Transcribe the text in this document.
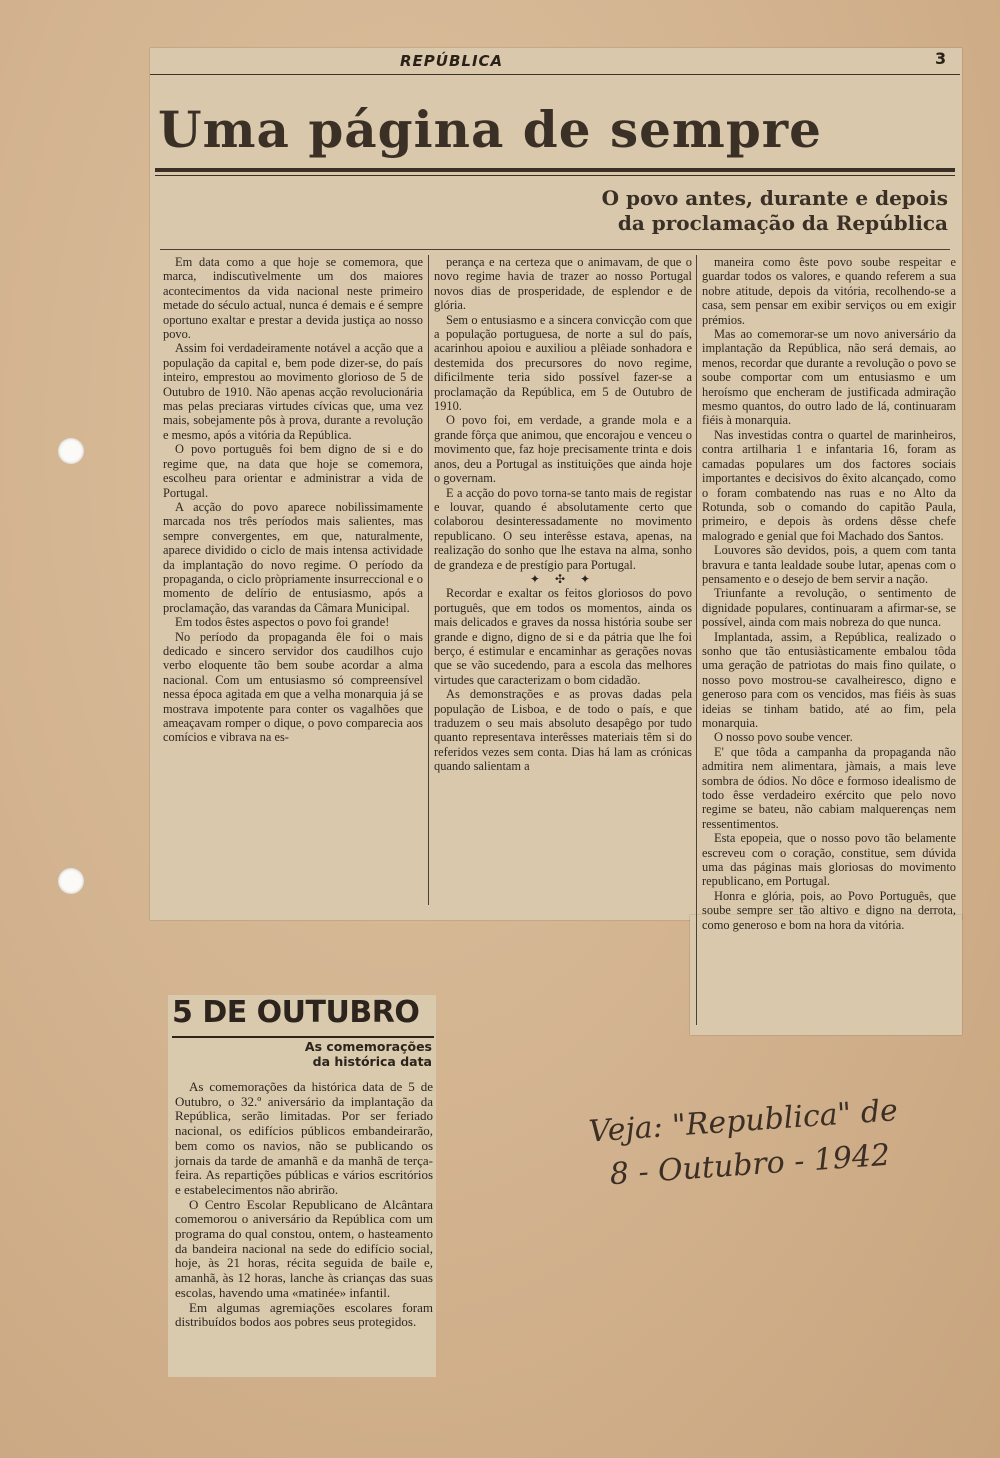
REPÚBLICA	3
Uma página de sempre
O povo antes, durante e depois
da proclamação da República

Em data como a que hoje se comemora, que marca, indiscutìvelmente um dos maiores acontecimentos da vida nacional neste primeiro metade do século actual, nunca é demais e é sempre oportuno exaltar e prestar a devida justiça ao nosso povo.

Assim foi verdadeiramente notável a acção que a população da capital e, bem pode dizer-se, do país inteiro, emprestou ao movimento glorioso de 5 de Outubro de 1910. Não apenas acção revolucionária mas pelas preciaras virtudes cívicas que, uma vez mais, sobejamente pôs à prova, durante a revolução e mesmo, após a vitória da República.

O povo português foi bem digno de si e do regime que, na data que hoje se comemora, escolheu para orientar e administrar a vida de Portugal.

A acção do povo aparece nobilìssimamente marcada nos três períodos mais salientes, mas sempre convergentes, em que, naturalmente, aparece dividido o ciclo de mais intensa actividade da implantação do novo regime. O período da propaganda, o ciclo pròpriamente insurreccional e o momento de delírio de entusiasmo, após a proclamação, das varandas da Câmara Municipal.

Em todos êstes aspectos o povo foi grande!

No período da propaganda êle foi o mais dedicado e sincero servidor dos caudilhos cujo verbo eloquente tão bem soube acordar a alma nacional. Com um entusiasmo só compreensível nessa época agitada em que a velha monarquia já se mostrava impotente para conter os vagalhões que ameaçavam romper o dique, o povo comparecia aos comícios e vibrava na es-

perança e na certeza que o animavam, de que o novo regime havia de trazer ao nosso Portugal novos dias de prosperidade, de esplendor e de glória.

Sem o entusiasmo e a sincera convicção com que a população portuguesa, de norte a sul do país, acarinhou apoiou e auxiliou a plêiade sonhadora e destemida dos precursores do novo regime, dificilmente teria sido possível fazer-se a proclamação da República, em 5 de Outubro de 1910.

O povo foi, em verdade, a grande mola e a grande fôrça que animou, que encorajou e venceu o movimento que, faz hoje precisamente trinta e dois anos, deu a Portugal as instituições que ainda hoje o governam.

E a acção do povo torna-se tanto mais de registar e louvar, quando é absolutamente certo que colaborou desinteressadamente no movimento republicano. O seu interêsse estava, apenas, na realização do sonho que lhe estava na alma, sonho de grandeza e de prestígio para Portugal.

✦ ✣ ✦

Recordar e exaltar os feitos gloriosos do povo português, que em todos os momentos, ainda os mais delicados e graves da nossa história soube ser grande e digno, digno de si e da pátria que lhe foi berço, é estimular e encaminhar as gerações novas que se vão sucedendo, para a escola das melhores virtudes que caracterizam o bom cidadão.

As demonstrações e as provas dadas pela população de Lisboa, e de todo o país, e que traduzem o seu mais absoluto desapêgo por tudo quanto representava interêsses materiais têm si do referidos vezes sem conta. Dias há lam as crónicas quando salientam a

maneira como êste povo soube respeitar e guardar todos os valores, e quando referem a sua nobre atitude, depois da vitória, recolhendo-se a casa, sem pensar em exibir serviços ou em exigir prémios.

Mas ao comemorar-se um novo aniversário da implantação da República, não será demais, ao menos, recordar que durante a revolução o povo se soube comportar com um entusiasmo e um heroísmo que encheram de justificada admiração mesmo quantos, do outro lado de lá, continuaram fiéis à monarquia.

Nas investidas contra o quartel de marinheiros, contra artilharia 1 e infantaria 16, foram as camadas populares um dos factores sociais importantes e decisivos do êxito alcançado, como o foram combatendo nas ruas e no Alto da Rotunda, sob o comando do capitão Paula, primeiro, e depois às ordens dêsse chefe malogrado e genial que foi Machado dos Santos.

Louvores são devidos, pois, a quem com tanta bravura e tanta lealdade soube lutar, apenas com o pensamento e o desejo de bem servir a nação.

Triunfante a revolução, o sentimento de dignidade populares, continuaram a afirmar-se, se possível, ainda com mais nobreza do que nunca.

Implantada, assim, a República, realizado o sonho que tão entusiàsticamente embalou tôda uma geração de patriotas do mais fino quilate, o nosso povo mostrou-se cavalheiresco, digno e generoso para com os vencidos, mas fiéis às suas ideias se tinham batido, até ao fim, pela monarquia.

O nosso povo soube vencer.

E' que tôda a campanha da propaganda não admitira nem alimentara, jàmais, a mais leve sombra de ódios. No dôce e formoso idealismo de todo êsse verdadeiro exército que pelo novo regime se bateu, não cabiam malquerenças nem ressentimentos.

Esta epopeia, que o nosso povo tão belamente escreveu com o coração, constitue, sem dúvida uma das páginas mais gloriosas do movimento republicano, em Portugal.

Honra e glória, pois, ao Povo Português, que soube sempre ser tão altivo e digno na derrota, como generoso e bom na hora da vitória.

5 DE OUTUBRO
As comemorações
da histórica data

As comemorações da histórica data de 5 de Outubro, o 32.º aniversário da implantação da República, serão limitadas. Por ser feriado nacional, os edifícios públicos embandeirarão, bem como os navios, não se publicando os jornais da tarde de amanhã e da manhã de terça-feira. As repartições públicas e vários escritórios e estabelecimentos não abrirão.

O Centro Escolar Republicano de Alcântara comemorou o aniversário da República com um programa do qual constou, ontem, o hasteamento da bandeira nacional na sede do edifício social, hoje, às 21 horas, récita seguida de baile e, amanhã, às 12 horas, lanche às crianças das suas escolas, havendo uma «matinée» infantil.

Em algumas agremiações escolares foram distribuídos bodos aos pobres seus protegidos.

Veja: "Republica" de
8 - Outubro - 1942
